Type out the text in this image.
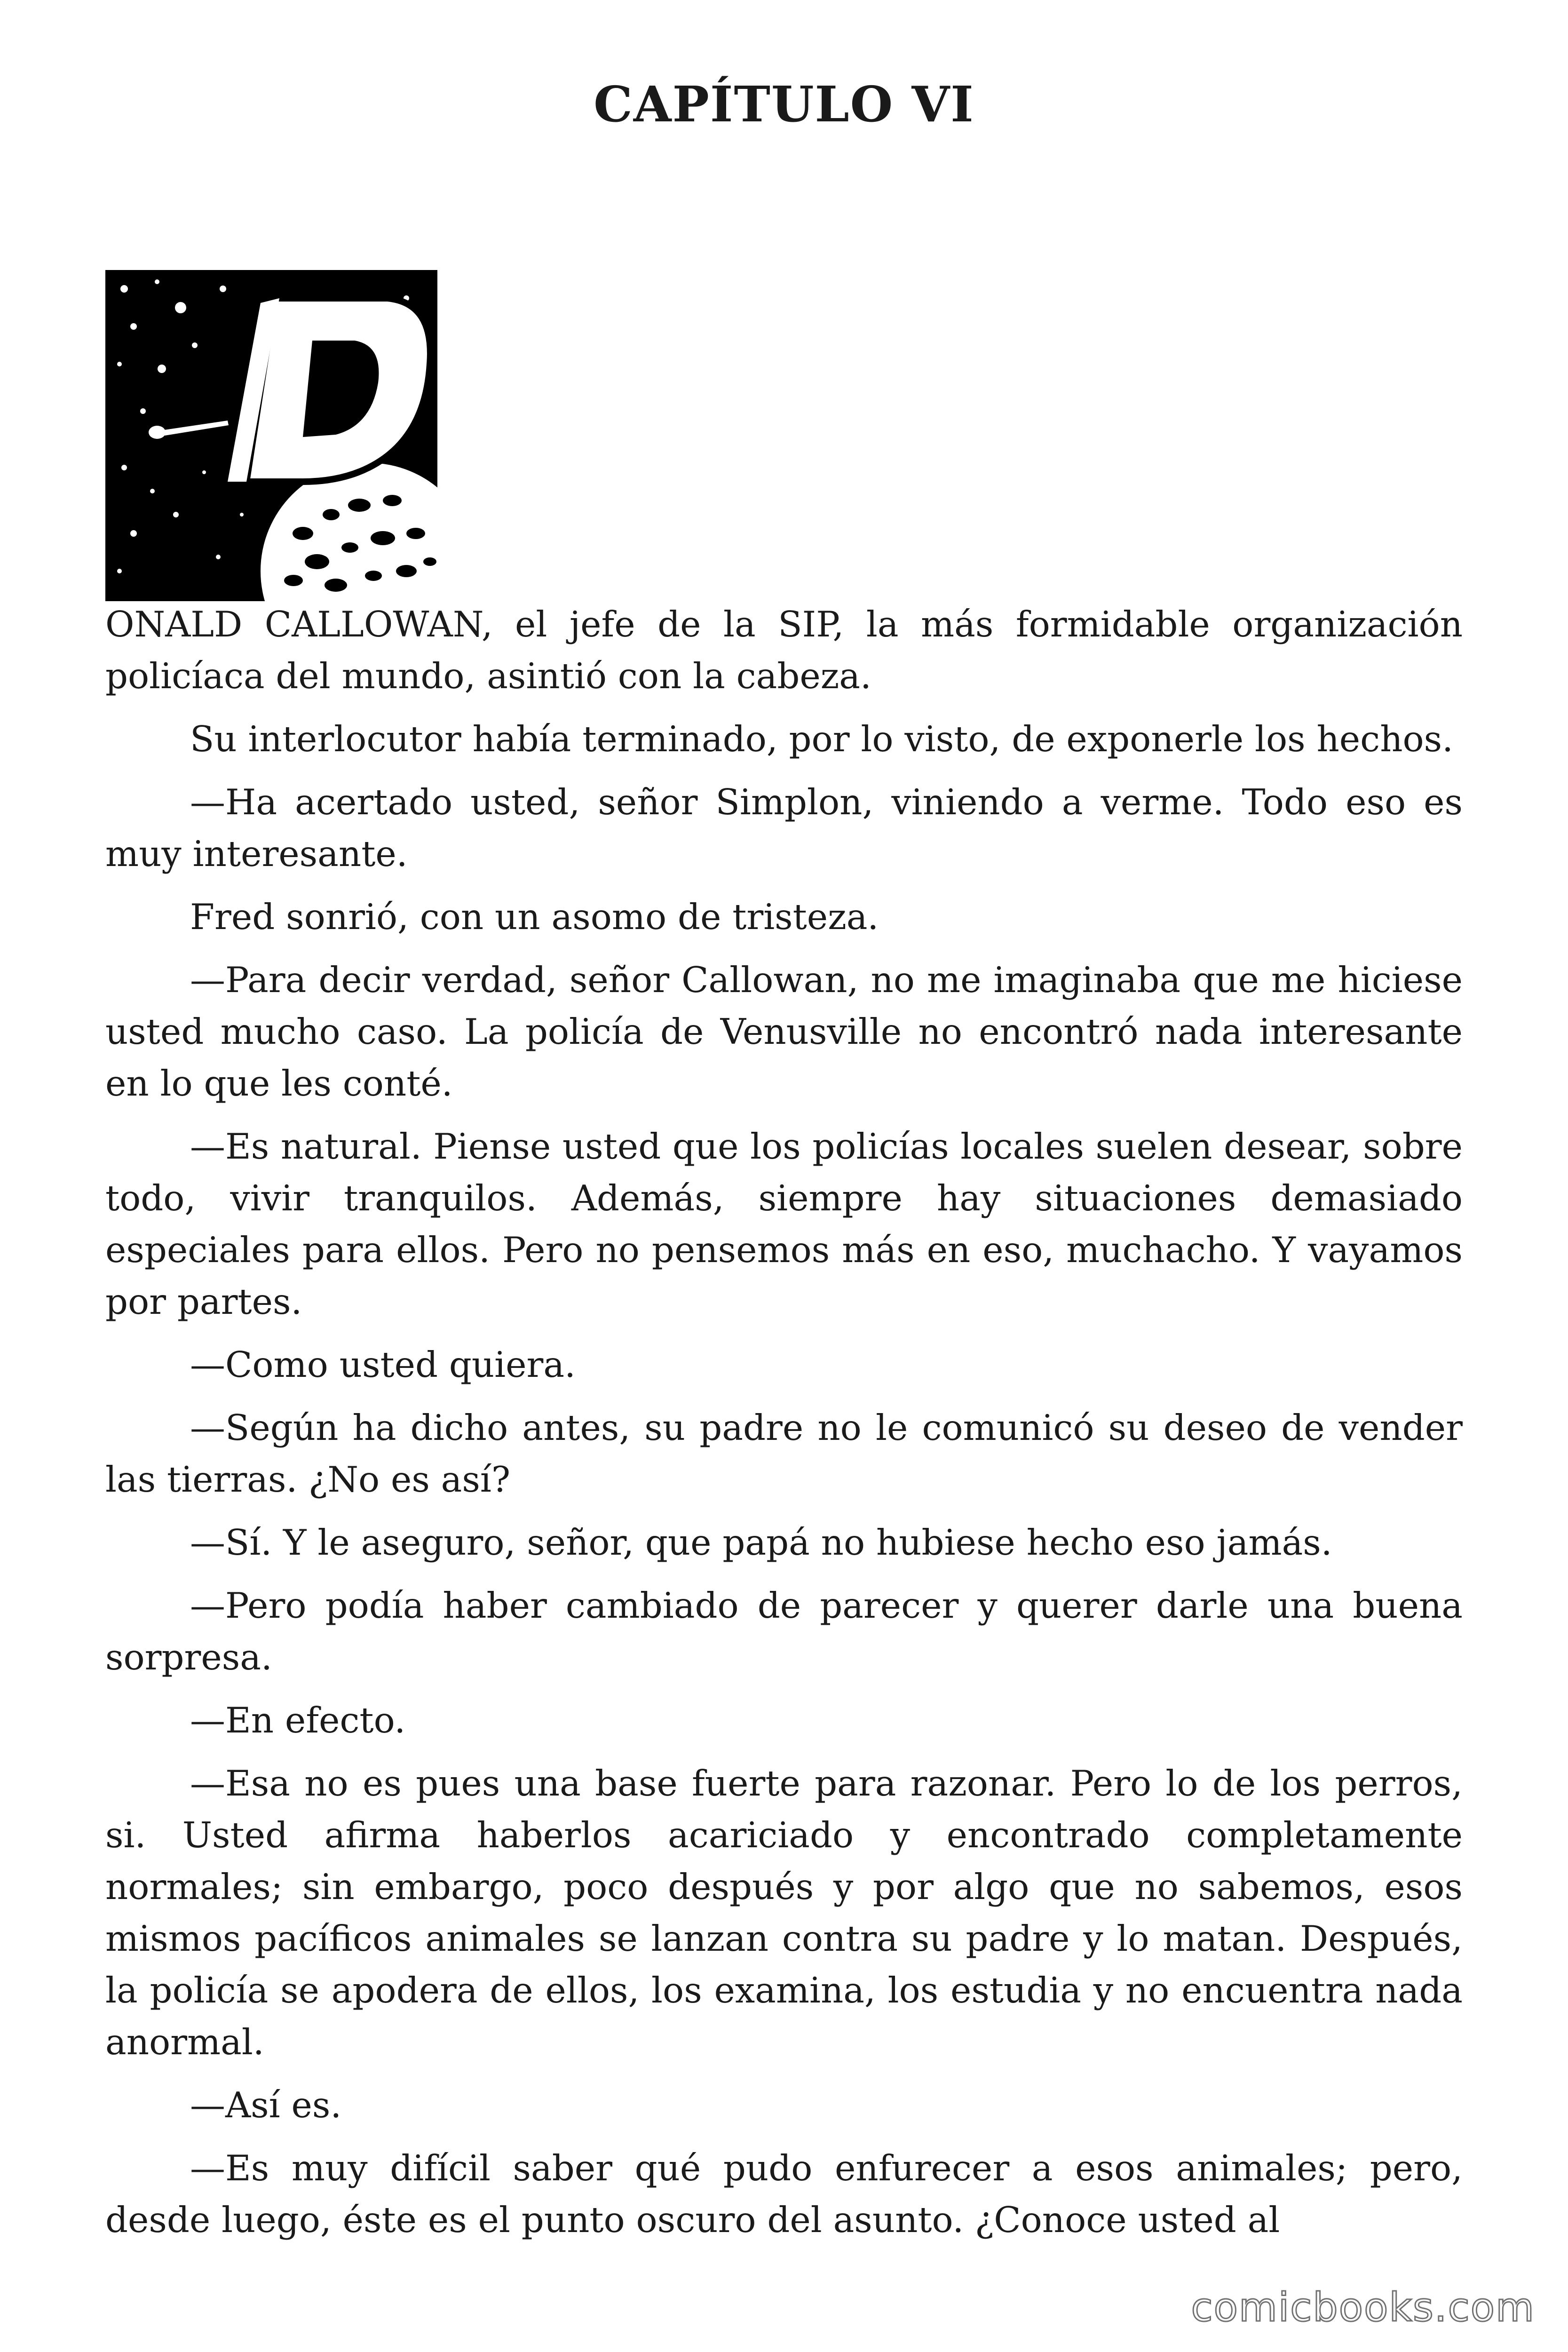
CAPÍTULO VI

ONALD CALLOWAN, el jefe de la SIP, la más formidable organización policíaca del mundo, asintió con la cabeza.

Su interlocutor había terminado, por lo visto, de exponerle los hechos.

—Ha acertado usted, señor Simplon, viniendo a verme. Todo eso es muy interesante.

Fred sonrió, con un asomo de tristeza.

—Para decir verdad, señor Callowan, no me imaginaba que me hiciese usted mucho caso. La policía de Venusville no encontró nada interesante en lo que les conté.

—Es natural. Piense usted que los policías locales suelen desear, sobre todo, vivir tranquilos. Además, siempre hay situaciones demasiado especiales para ellos. Pero no pensemos más en eso, muchacho. Y vayamos por partes.

—Como usted quiera.

—Según ha dicho antes, su padre no le comunicó su deseo de vender las tierras. ¿No es así?

—Sí. Y le aseguro, señor, que papá no hubiese hecho eso jamás.

—Pero podía haber cambiado de parecer y querer darle una buena sorpresa.

—En efecto.

—Esa no es pues una base fuerte para razonar. Pero lo de los perros, si. Usted afirma haberlos acariciado y encontrado completamente normales; sin embargo, poco después y por algo que no sabemos, esos mismos pacíficos animales se lanzan contra su padre y lo matan. Después, la policía se apodera de ellos, los examina, los estudia y no encuentra nada anormal.

—Así es.

—Es muy difícil saber qué pudo enfurecer a esos animales; pero, desde luego, éste es el punto oscuro del asunto. ¿Conoce usted al

comicbooks.com
